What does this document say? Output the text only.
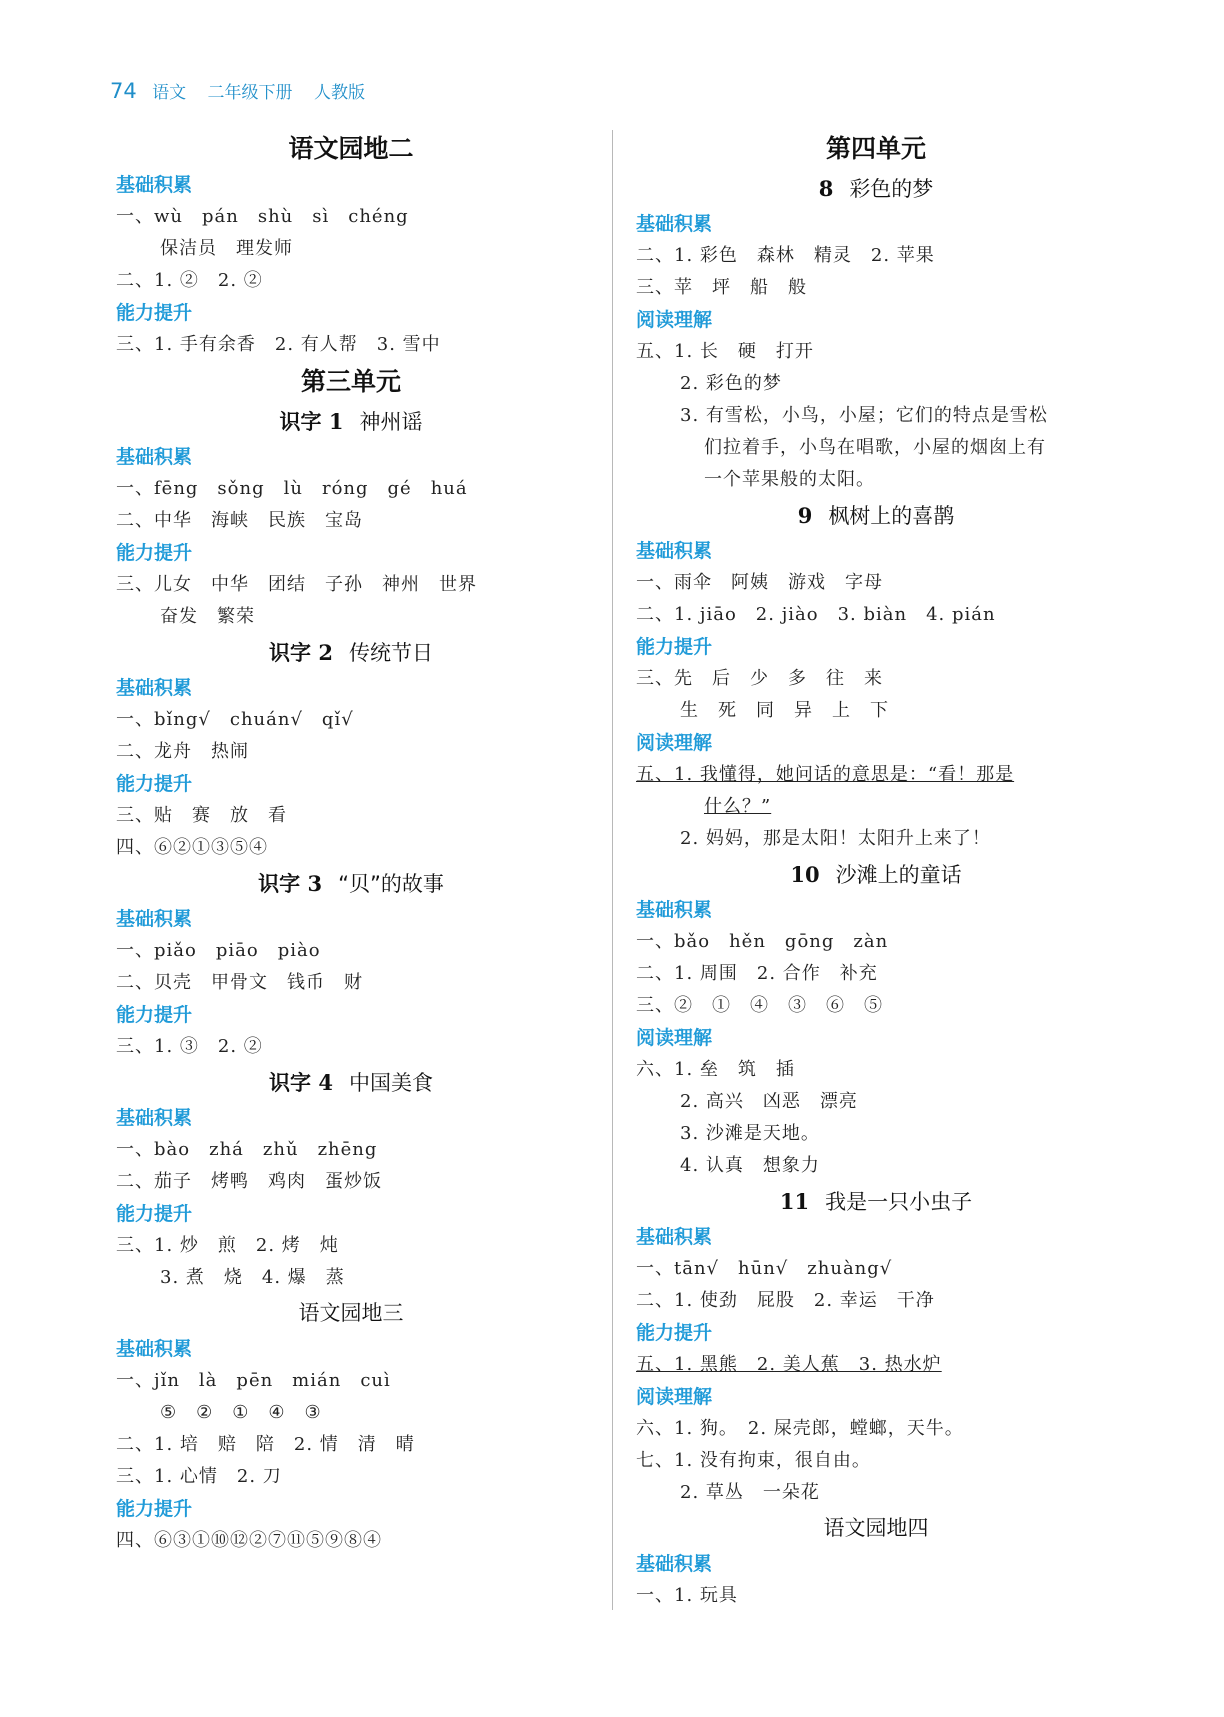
74 语文 二年级下册 人教版
语文园地二
基础积累
一、wù　pán　shù　sì　chéng
保洁员　理发师
二、1. ②　2. ②
能力提升
三、1. 手有余香　2. 有人帮　3. 雪中
第三单元
识字 1 神州谣
基础积累
一、fēng　sǒng　lù　róng　gé　huá
二、中华　海峡　民族　宝岛
能力提升
三、儿女　中华　团结　子孙　神州　世界
奋发　繁荣
识字 2 传统节日
基础积累
一、bǐng√　chuán√　qǐ√
二、龙舟　热闹
能力提升
三、贴　赛　放　看
四、⑥②①③⑤④
识字 3 “贝”的故事
基础积累
一、piǎo　piāo　piào
二、贝壳　甲骨文　钱币　财
能力提升
三、1. ③　2. ②
识字 4 中国美食
基础积累
一、bào　zhá　zhǔ　zhēng
二、茄子　烤鸭　鸡肉　蛋炒饭
能力提升
三、1. 炒　煎　2. 烤　炖
3. 煮　烧　4. 爆　蒸
语文园地三
基础积累
一、jǐn　là　pēn　mián　cuì
⑤　②　①　④　③
二、1. 培　赔　陪　2. 情　清　晴
三、1. 心情　2. 刀
能力提升
四、⑥③①⑩⑫②⑦⑪⑤⑨⑧④
第四单元
8 彩色的梦
基础积累
二、1. 彩色　森林　精灵　2. 苹果
三、苹　坪　船　般
阅读理解
五、1. 长　硬　打开
2. 彩色的梦
3. 有雪松，小鸟，小屋；它们的特点是雪松
们拉着手，小鸟在唱歌，小屋的烟囱上有
一个苹果般的太阳。
9 枫树上的喜鹊
基础积累
一、雨伞　阿姨　游戏　字母
二、1. jiāo　2. jiào　3. biàn　4. pián
能力提升
三、先　后　少　多　往　来
生　死　同　异　上　下
阅读理解
五、1. 我懂得，她问话的意思是：“看！那是
什么？”
2. 妈妈，那是太阳！太阳升上来了！
10 沙滩上的童话
基础积累
一、bǎo　hěn　gōng　zàn
二、1. 周围　2. 合作　补充
三、②　①　④　③　⑥　⑤
阅读理解
六、1. 垒　筑　插
2. 高兴　凶恶　漂亮
3. 沙滩是天地。
4. 认真　想象力
11 我是一只小虫子
基础积累
一、tān√　hūn√　zhuàng√
二、1. 使劲　屁股　2. 幸运　干净
能力提升
五、1. 黑熊　2. 美人蕉　3. 热水炉
阅读理解
六、1. 狗。　2. 屎壳郎，螳螂，天牛。
七、1. 没有拘束，很自由。
2. 草丛　一朵花
语文园地四
基础积累
一、1. 玩具
